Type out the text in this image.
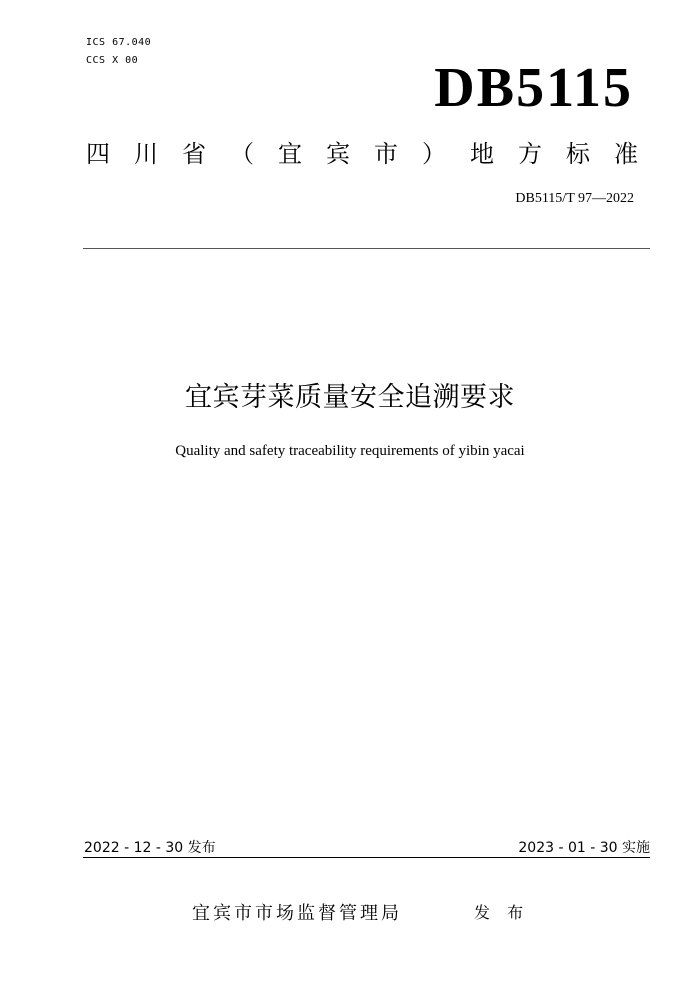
ICS 67.040
CCS X 00	DB5115
四 川 省 （ 宜 宾 市 ） 地 方 标 准
DB5115/T 97—2022
宜宾芽菜质量安全追溯要求
Quality and safety traceability requirements of yibin yacai
2022 - 12 - 30 发布	2023 - 01 - 30 实施
宜宾市市场监督管理局	发 布
